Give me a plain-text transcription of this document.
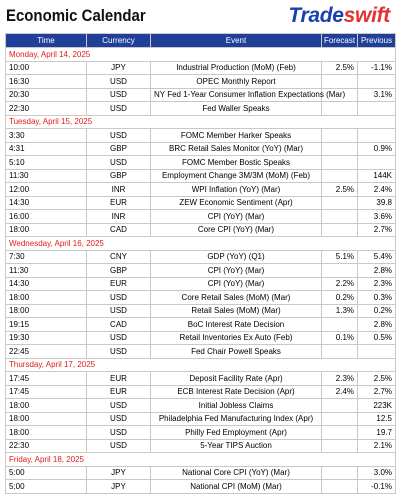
Economic Calendar	Tradeswift
Time	Currency	Event	Forecast	Previous
Monday, April 14, 2025				
10:00	JPY	Industrial Production (MoM) (Feb)	2.5%	-1.1%
16:30	USD	OPEC Monthly Report		
20:30	USD	NY Fed 1-Year Consumer Inflation Expectations (Mar)		3.1%
22:30	USD	Fed Waller Speaks		
Tuesday, April 15, 2025				
3:30	USD	FOMC Member Harker Speaks		
4:31	GBP	BRC Retail Sales Monitor (YoY) (Mar)		0.9%
5:10	USD	FOMC Member Bostic Speaks		
11:30	GBP	Employment Change 3M/3M (MoM) (Feb)		144K
12:00	INR	WPI Inflation (YoY) (Mar)	2.5%	2.4%
14:30	EUR	ZEW Economic Sentiment (Apr)		39.8
16:00	INR	CPI (YoY) (Mar)		3.6%
18:00	CAD	Core CPI (YoY) (Mar)		2.7%
Wednesday, April 16, 2025				
7:30	CNY	GDP (YoY) (Q1)	5.1%	5.4%
11:30	GBP	CPI (YoY) (Mar)		2.8%
14:30	EUR	CPI (YoY) (Mar)	2.2%	2.3%
18:00	USD	Core Retail Sales (MoM) (Mar)	0.2%	0.3%
18:00	USD	Retail Sales (MoM) (Mar)	1.3%	0.2%
19:15	CAD	BoC Interest Rate Decision		2.8%
19:30	USD	Retail Inventories Ex Auto (Feb)	0.1%	0.5%
22:45	USD	Fed Chair Powell Speaks		
Thursday, April 17, 2025				
17:45	EUR	Deposit Facility Rate (Apr)	2.3%	2.5%
17:45	EUR	ECB Interest Rate Decision (Apr)	2.4%	2.7%
18:00	USD	Initial Jobless Claims		223K
18:00	USD	Philadelphia Fed Manufacturing Index (Apr)		12.5
18:00	USD	Philly Fed Employment (Apr)		19.7
22:30	USD	5-Year TIPS Auction		2.1%
Friday, April 18, 2025				
5:00	JPY	National Core CPI (YoY) (Mar)		3.0%
5:00	JPY	National CPI (MoM) (Mar)		-0.1%
